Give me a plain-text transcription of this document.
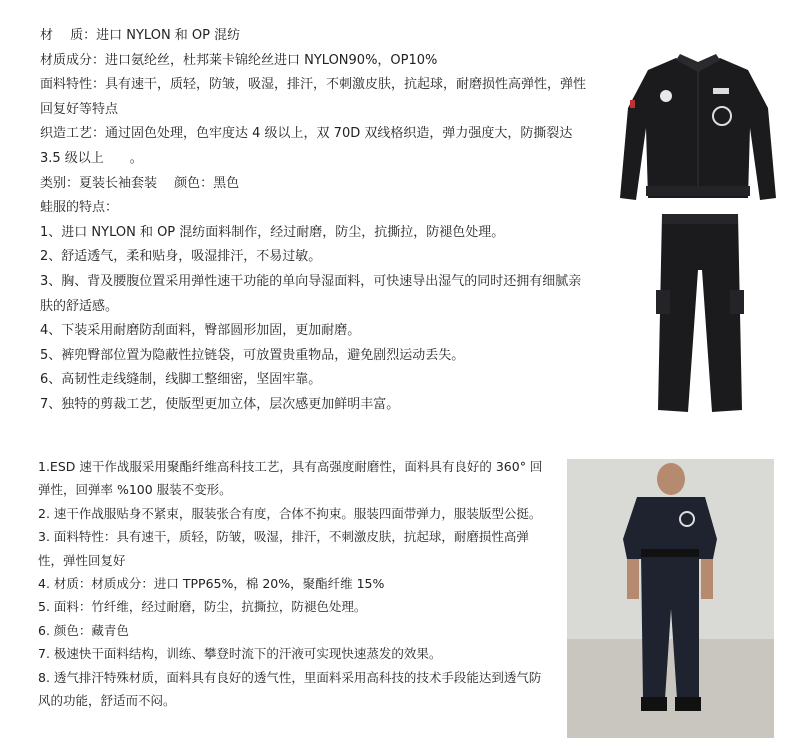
材　 质：进口 NYLON 和 OP 混纺
材质成分：进口氨纶丝，杜邦莱卡锦纶丝进口 NYLON90%，OP10%
面料特性：具有速干，质轻，防皱，吸湿，排汗，不刺激皮肤，抗起球，耐磨损性高弹性，弹性回复好等特点
织造工艺：通过固色处理，色牢度达 4 级以上，双 70D 双线格织造，弹力强度大，防撕裂达 3.5 级以上　　。
类别：夏装长袖套装　 颜色：黑色
蛙服的特点：
1、进口 NYLON 和 OP 混纺面料制作，经过耐磨，防尘，抗撕拉，防褪色处理。
2、舒适透气，柔和贴身，吸湿排汗，不易过敏。
3、胸、背及腰腹位置采用弹性速干功能的单向导湿面料，可快速导出湿气的同时还拥有细腻亲肤的舒适感。
4、下装采用耐磨防刮面料，臀部圆形加固，更加耐磨。
5、裤兜臀部位置为隐蔽性拉链袋，可放置贵重物品，避免剧烈运动丢失。
6、高韧性走线缝制，线脚工整细密，坚固牢靠。
7、独特的剪裁工艺，使版型更加立体，层次感更加鲜明丰富。
1.ESD 速干作战服采用聚酯纤维高科技工艺，具有高强度耐磨性，面料具有良好的 360° 回弹性，回弹率 %100 服装不变形。
2. 速干作战服贴身不紧束，服装张合有度，合体不拘束。服装四面带弹力，服装版型公挺。
3. 面料特性：具有速干，质轻，防皱，吸湿，排汗，不刺激皮肤，抗起球，耐磨损性高弹性，弹性回复好
4. 材质：材质成分：进口 TPP65%，棉 20%，聚酯纤维 15%
5. 面料：竹纤维，经过耐磨，防尘，抗撕拉，防褪色处理。
6. 颜色：藏青色
7. 极速快干面料结构，训练、攀登时流下的汗液可实现快速蒸发的效果。
8. 透气排汗特殊材质，面料具有良好的透气性，里面料采用高科技的技术手段能达到透气防风的功能，舒适而不闷。
